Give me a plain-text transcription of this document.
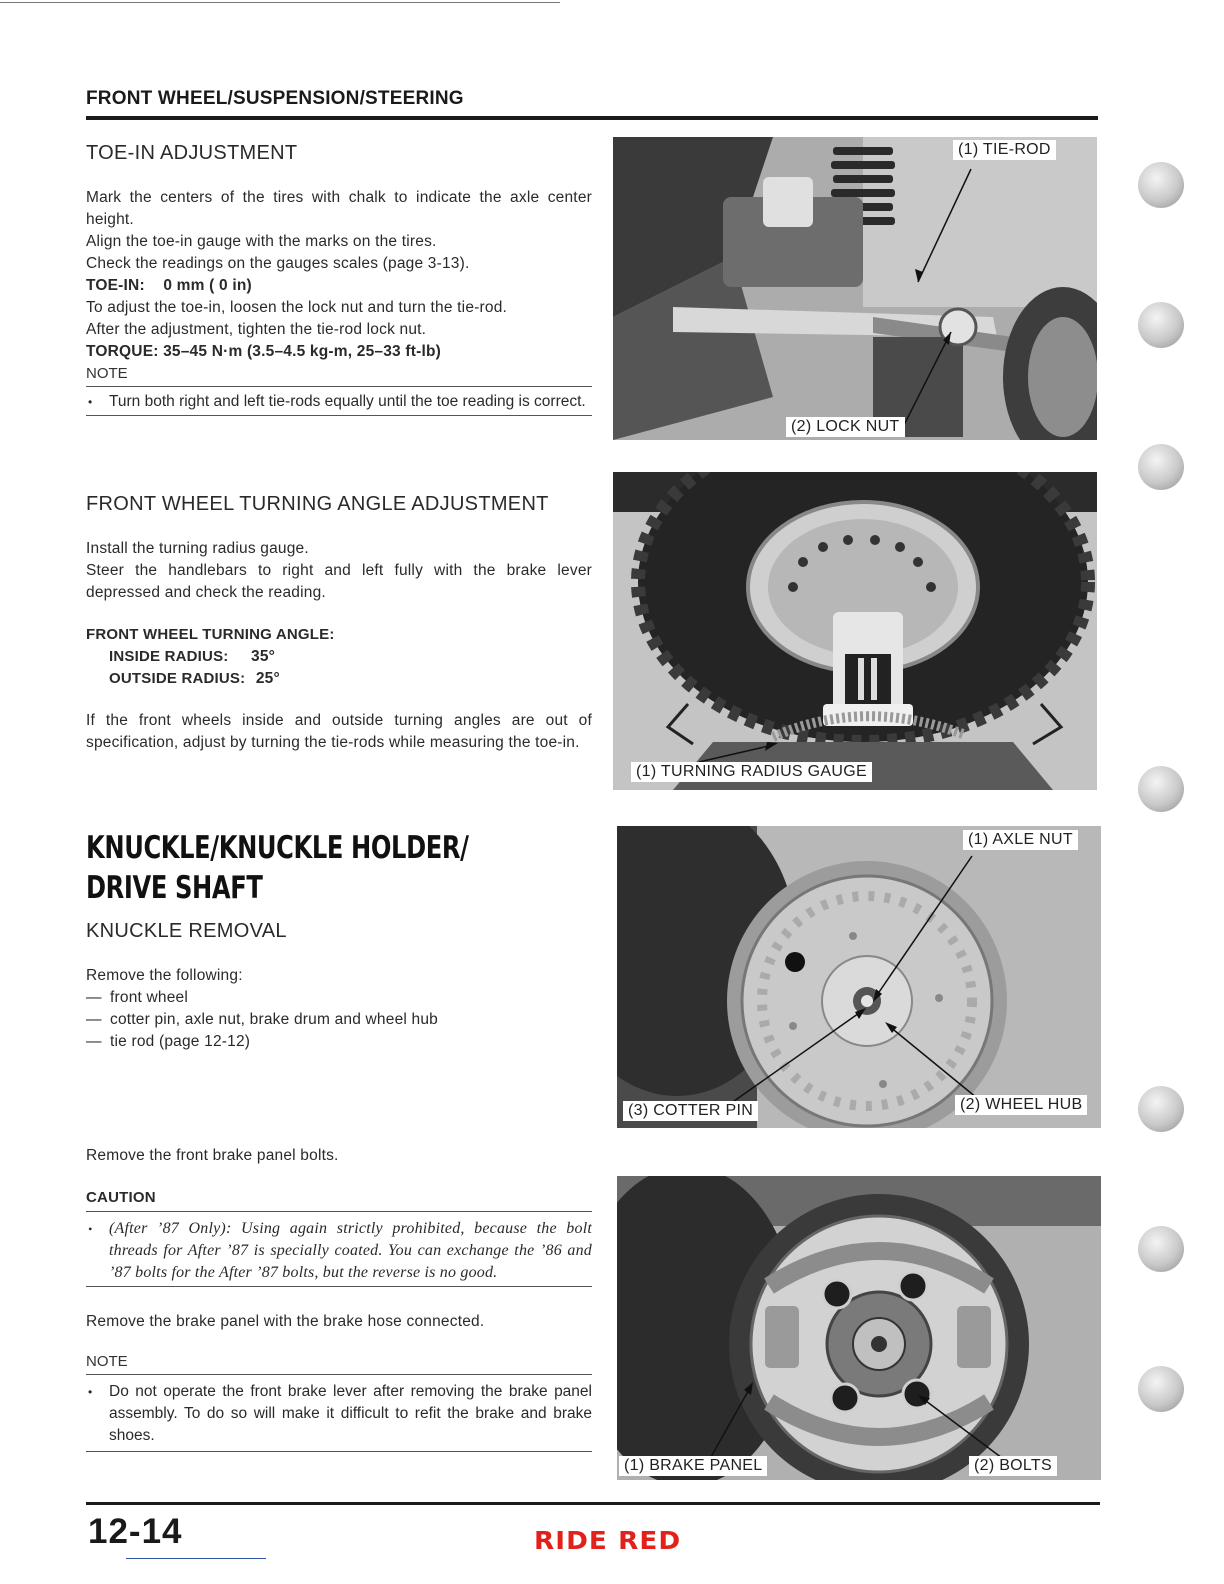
FRONT WHEEL/SUSPENSION/STEERING
TOE-IN ADJUSTMENT
Mark the centers of the tires with chalk to indicate the axle center height.
Align the toe-in gauge with the marks on the tires.
Check the readings on the gauges scales (page 3-13).
TOE-IN: 0 mm ( 0 in)
To adjust the toe-in, loosen the lock nut and turn the tie-rod.
After the adjustment, tighten the tie-rod lock nut.
TORQUE: 35–45 N·m (3.5–4.5 kg-m, 25–33 ft-lb)
NOTE
• Turn both right and left tie-rods equally until the toe reading is correct.
FRONT WHEEL TURNING ANGLE ADJUSTMENT
Install the turning radius gauge.
Steer the handlebars to right and left fully with the brake lever depressed and check the reading.
FRONT WHEEL TURNING ANGLE:
INSIDE RADIUS: 35°
OUTSIDE RADIUS: 25°
If the front wheels inside and outside turning angles are out of specification, adjust by turning the tie-rods while measuring the toe-in.
KNUCKLE/KNUCKLE HOLDER/
DRIVE SHAFT
KNUCKLE REMOVAL
Remove the following:
— front wheel
— cotter pin, axle nut, brake drum and wheel hub
— tie rod (page 12-12)
Remove the front brake panel bolts.
CAUTION
• (After ’87 Only): Using again strictly prohibited, because the bolt threads for After ’87 is specially coated. You can exchange the ’86 and ’87 bolts for the After ’87 bolts, but the reverse is no good.
Remove the brake panel with the brake hose connected.
NOTE
• Do not operate the front brake lever after removing the brake panel assembly. To do so will make it difficult to refit the brake and brake shoes.
(1) TIE-ROD
(2) LOCK NUT
(1) TURNING RADIUS GAUGE
(1) AXLE NUT
(2) WHEEL HUB
(3) COTTER PIN
(1) BRAKE PANEL	(2) BOLTS
12-14	RIDE RED
